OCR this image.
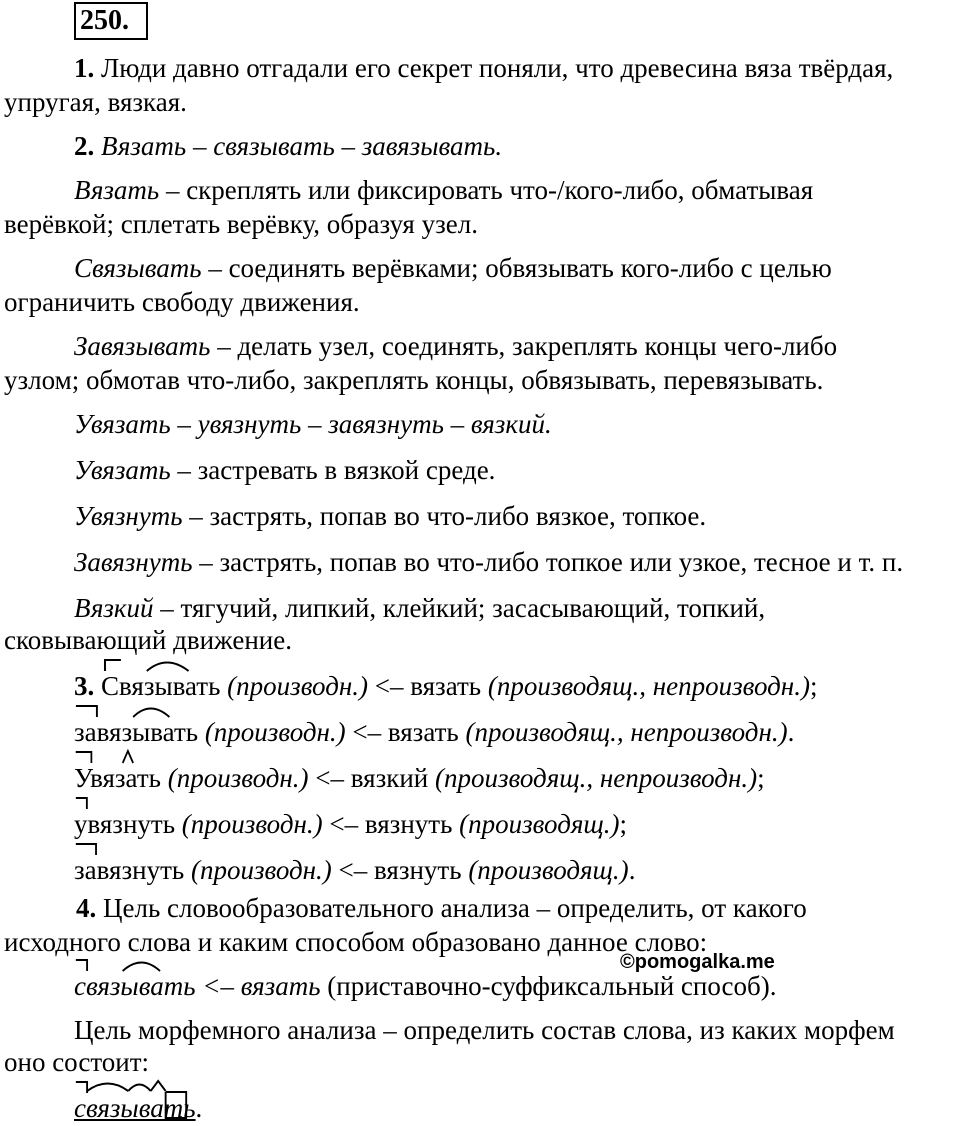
250.
1. Люди давно отгадали его секрет поняли, что древесина вяза твёрдая,
упругая, вязкая.
2. Вязать – связывать – завязывать.
Вязать – скреплять или фиксировать что-/кого-либо, обматывая
верёвкой; сплетать верёвку, образуя узел.
Связывать – соединять верёвками; обвязывать кого-либо с целью
ограничить свободу движения.
Завязывать – делать узел, соединять, закреплять концы чего-либо
узлом; обмотав что-либо, закреплять концы, обвязывать, перевязывать.
Увязать – увязнуть – завязнуть – вязкий.
Увязать – застревать в вязкой среде.
Увязнуть – застрять, попав во что-либо вязкое, топкое.
Завязнуть – застрять, попав во что-либо топкое или узкое, тесное и т. п.
Вязкий – тягучий, липкий, клейкий; засасывающий, топкий,
сковывающий движение.
3. Связывать (производн.) <– вязать (производящ., непроизводн.);
завязывать (производн.) <– вязать (производящ., непроизводн.).
Увязать (производн.) <– вязкий (производящ., непроизводн.);
увязнуть (производн.) <– вязнуть (производящ.);
завязнуть (производн.) <– вязнуть (производящ.).
4. Цель словообразовательного анализа – определить, от какого
исходного слова и каким способом образовано данное слово:
©pomogalka.me
связывать <– вязать (приставочно-суффиксальный способ).
Цель морфемного анализа – определить состав слова, из каких морфем
оно состоит:
связывать.
